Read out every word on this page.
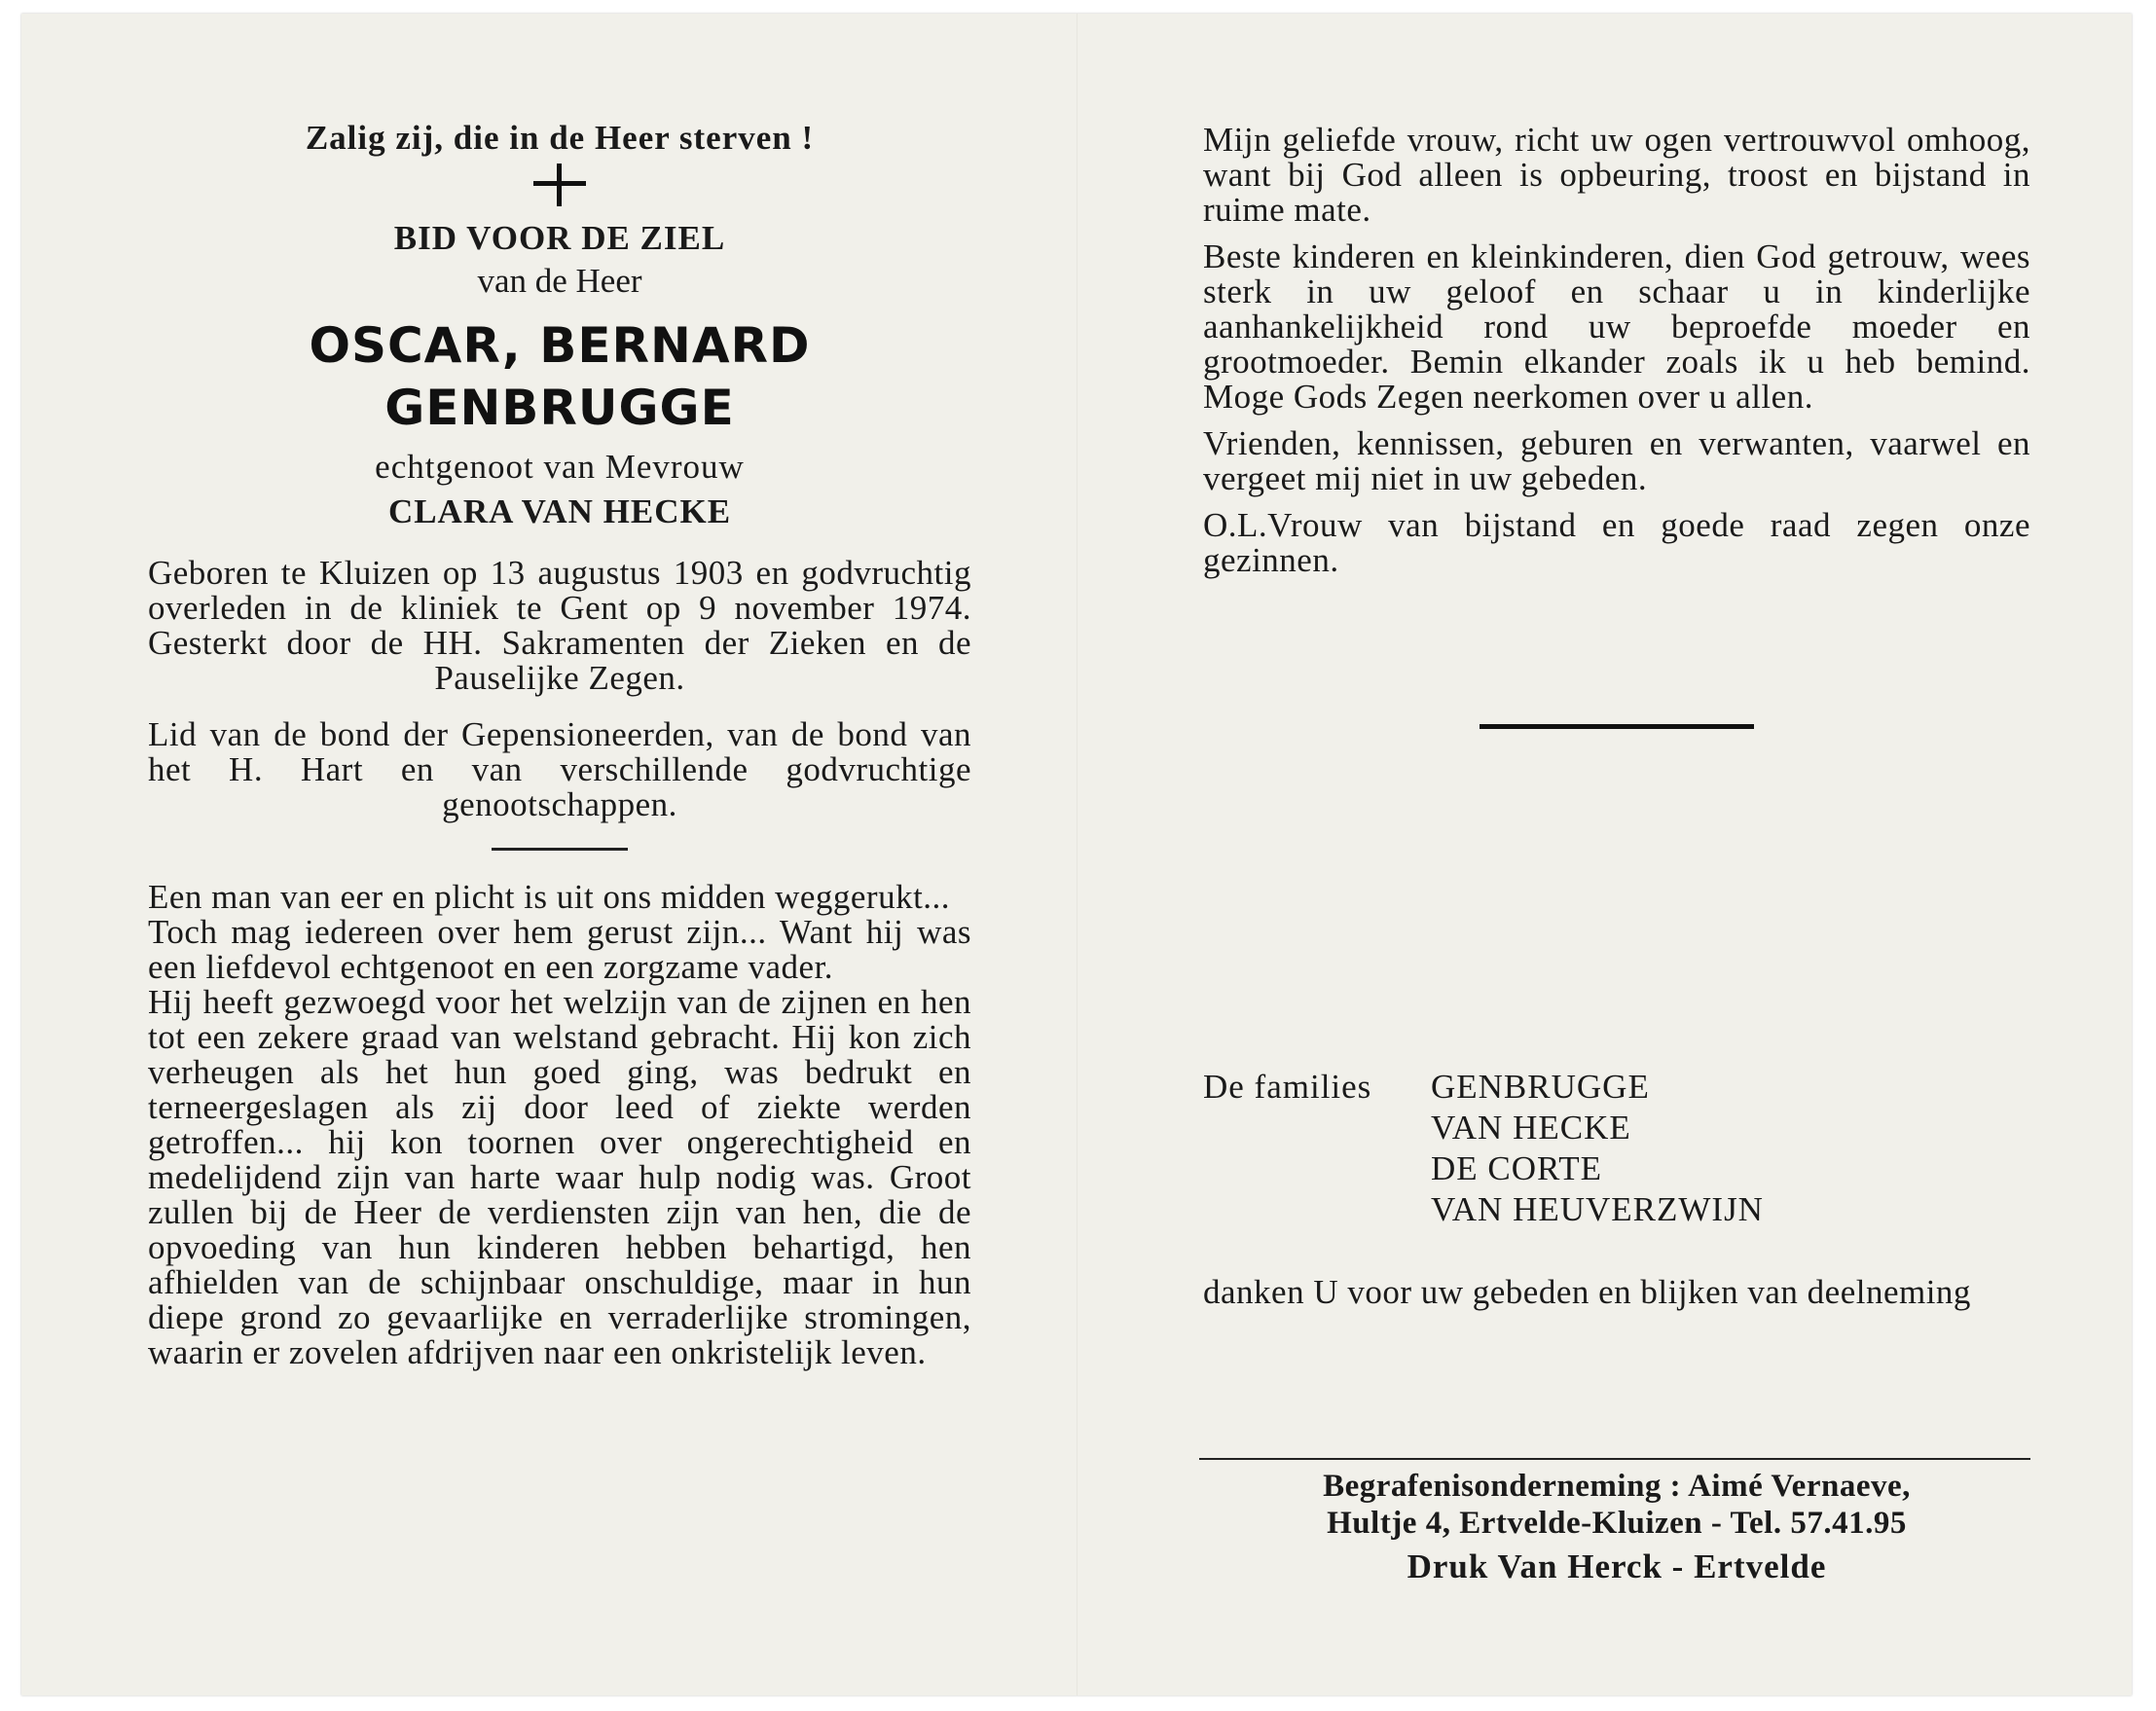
Zalig zij, die in de Heer sterven !
BID VOOR DE ZIEL
van de Heer
OSCAR, BERNARD
GENBRUGGE
echtgenoot van Mevrouw
CLARA VAN HECKE
Geboren te Kluizen op 13 augustus 1903 en godvruchtig overleden in de kliniek te Gent op 9 november 1974. Gesterkt door de HH. Sakramenten der Zieken en de Pauselijke Zegen.
Lid van de bond der Gepensioneerden, van de bond van het H. Hart en van verschillende godvruchtige genootschappen.
Een man van eer en plicht is uit ons midden weggerukt...
Toch mag iedereen over hem gerust zijn... Want hij was een liefdevol echtgenoot en een zorgzame vader.
Hij heeft gezwoegd voor het welzijn van de zijnen en hen tot een zekere graad van welstand gebracht. Hij kon zich verheugen als het hun goed ging, was bedrukt en terneergeslagen als zij door leed of ziekte werden getroffen... hij kon toornen over ongerechtigheid en medelijdend zijn van harte waar hulp nodig was. Groot zullen bij de Heer de verdiensten zijn van hen, die de opvoeding van hun kinderen hebben behartigd, hen afhielden van de schijnbaar onschuldige, maar in hun diepe grond zo gevaarlijke en verraderlijke stromingen, waarin er zovelen afdrijven naar een onkristelijk leven.
Mijn geliefde vrouw, richt uw ogen vertrouwvol omhoog, want bij God alleen is opbeuring, troost en bijstand in ruime mate.
Beste kinderen en kleinkinderen, dien God getrouw, wees sterk in uw geloof en schaar u in kinderlijke aanhankelijkheid rond uw beproefde moeder en grootmoeder. Bemin elkander zoals ik u heb bemind. Moge Gods Zegen neerkomen over u allen.
Vrienden, kennissen, geburen en verwanten, vaarwel en vergeet mij niet in uw gebeden.
O.L.Vrouw van bijstand en goede raad zegen onze gezinnen.
De families GENBRUGGE
VAN HECKE
DE CORTE
VAN HEUVERZWIJN
danken U voor uw gebeden en blijken van deelneming
Begrafenisonderneming : Aimé Vernaeve,
Hultje 4, Ertvelde-Kluizen - Tel. 57.41.95
Druk Van Herck - Ertvelde
